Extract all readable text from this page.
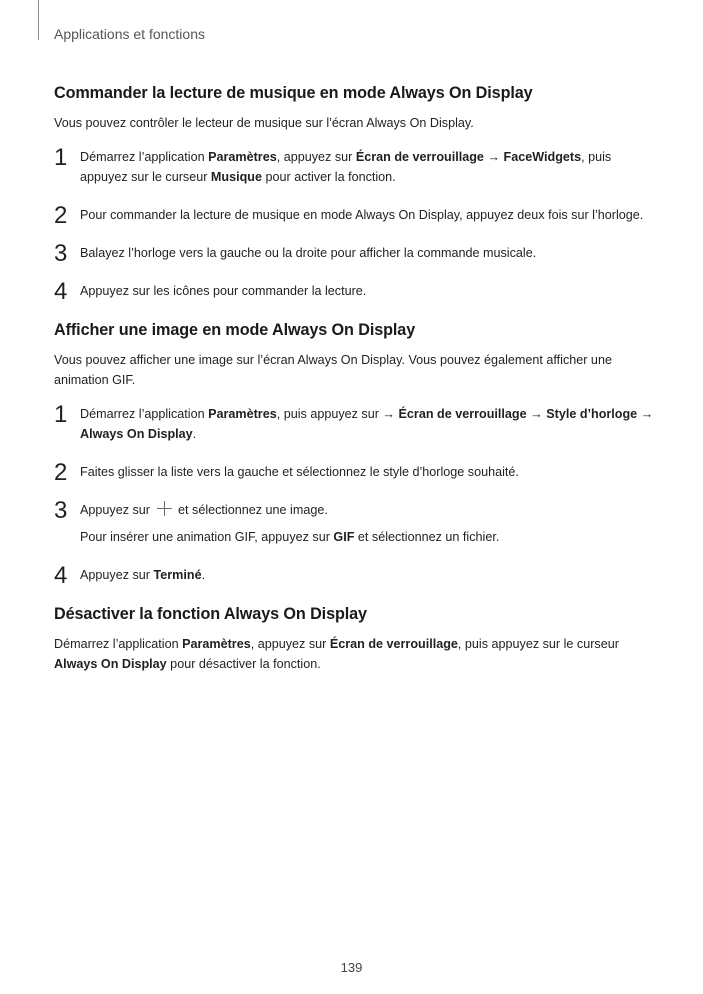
Applications et fonctions
Commander la lecture de musique en mode Always On Display

Vous pouvez contrôler le lecteur de musique sur l’écran Always On Display.

1 Démarrez l’application Paramètres, appuyez sur Écran de verrouillage → FaceWidgets, puis appuyez sur le curseur Musique pour activer la fonction.
2 Pour commander la lecture de musique en mode Always On Display, appuyez deux fois sur l’horloge.
3 Balayez l’horloge vers la gauche ou la droite pour afficher la commande musicale.
4 Appuyez sur les icônes pour commander la lecture.
Afficher une image en mode Always On Display

Vous pouvez afficher une image sur l’écran Always On Display. Vous pouvez également afficher une animation GIF.

1 Démarrez l’application Paramètres, puis appuyez sur → Écran de verrouillage → Style d’horloge → Always On Display.
2 Faites glisser la liste vers la gauche et sélectionnez le style d’horloge souhaité.
3 Appuyez sur  et sélectionnez une image.
Pour insérer une animation GIF, appuyez sur GIF et sélectionnez un fichier.
4 Appuyez sur Terminé.
Désactiver la fonction Always On Display

Démarrez l’application Paramètres, appuyez sur Écran de verrouillage, puis appuyez sur le curseur Always On Display pour désactiver la fonction.

139
